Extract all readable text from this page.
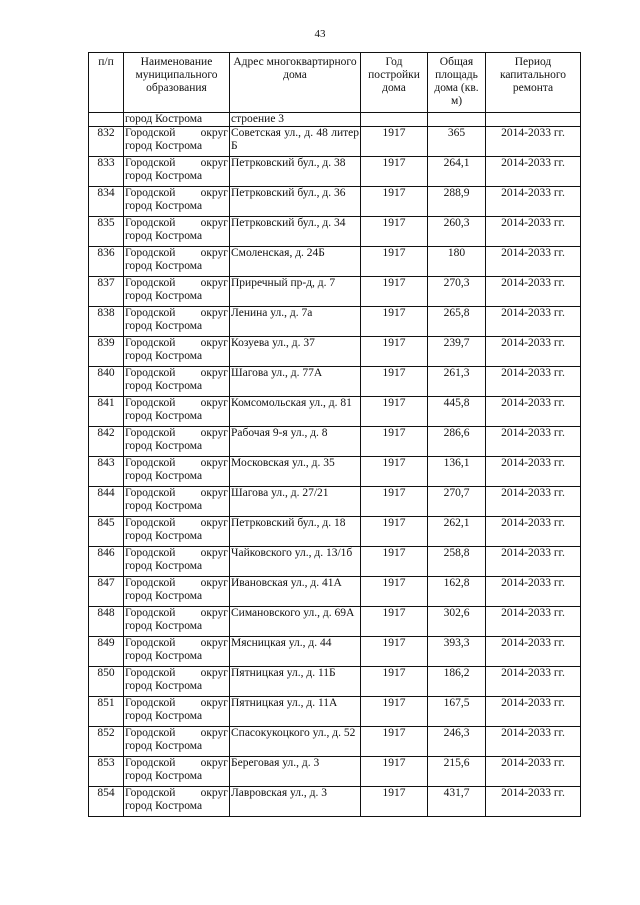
43
п/п	Наименование муниципального образования	Адрес многоквартирного дома	Год постройки дома	Общая площадь дома (кв. м)	Период капитального ремонта
	город Кострома	строение 3			
832	Городской округ город Кострома	Советская ул., д. 48 литер Б	1917	365	2014-2033 гг.
833	Городской округ город Кострома	Петрковский бул., д. 38	1917	264,1	2014-2033 гг.
834	Городской округ город Кострома	Петрковский бул., д. 36	1917	288,9	2014-2033 гг.
835	Городской округ город Кострома	Петрковский бул., д. 34	1917	260,3	2014-2033 гг.
836	Городской округ город Кострома	Смоленская, д. 24Б	1917	180	2014-2033 гг.
837	Городской округ город Кострома	Приречный пр-д, д. 7	1917	270,3	2014-2033 гг.
838	Городской округ город Кострома	Ленина ул., д. 7а	1917	265,8	2014-2033 гг.
839	Городской округ город Кострома	Козуева ул., д. 37	1917	239,7	2014-2033 гг.
840	Городской округ город Кострома	Шагова ул., д. 77А	1917	261,3	2014-2033 гг.
841	Городской округ город Кострома	Комсомольская ул., д. 81	1917	445,8	2014-2033 гг.
842	Городской округ город Кострома	Рабочая 9-я ул., д. 8	1917	286,6	2014-2033 гг.
843	Городской округ город Кострома	Московская ул., д. 35	1917	136,1	2014-2033 гг.
844	Городской округ город Кострома	Шагова ул., д. 27/21	1917	270,7	2014-2033 гг.
845	Городской округ город Кострома	Петрковский бул., д. 18	1917	262,1	2014-2033 гг.
846	Городской округ город Кострома	Чайковского ул., д. 13/1б	1917	258,8	2014-2033 гг.
847	Городской округ город Кострома	Ивановская ул., д. 41А	1917	162,8	2014-2033 гг.
848	Городской округ город Кострома	Симановского ул., д. 69А	1917	302,6	2014-2033 гг.
849	Городской округ город Кострома	Мясницкая ул., д. 44	1917	393,3	2014-2033 гг.
850	Городской округ город Кострома	Пятницкая ул., д. 11Б	1917	186,2	2014-2033 гг.
851	Городской округ город Кострома	Пятницкая ул., д. 11А	1917	167,5	2014-2033 гг.
852	Городской округ город Кострома	Спасокукоцкого ул., д. 52	1917	246,3	2014-2033 гг.
853	Городской округ город Кострома	Береговая ул., д. 3	1917	215,6	2014-2033 гг.
854	Городской округ город Кострома	Лавровская ул., д. 3	1917	431,7	2014-2033 гг.
